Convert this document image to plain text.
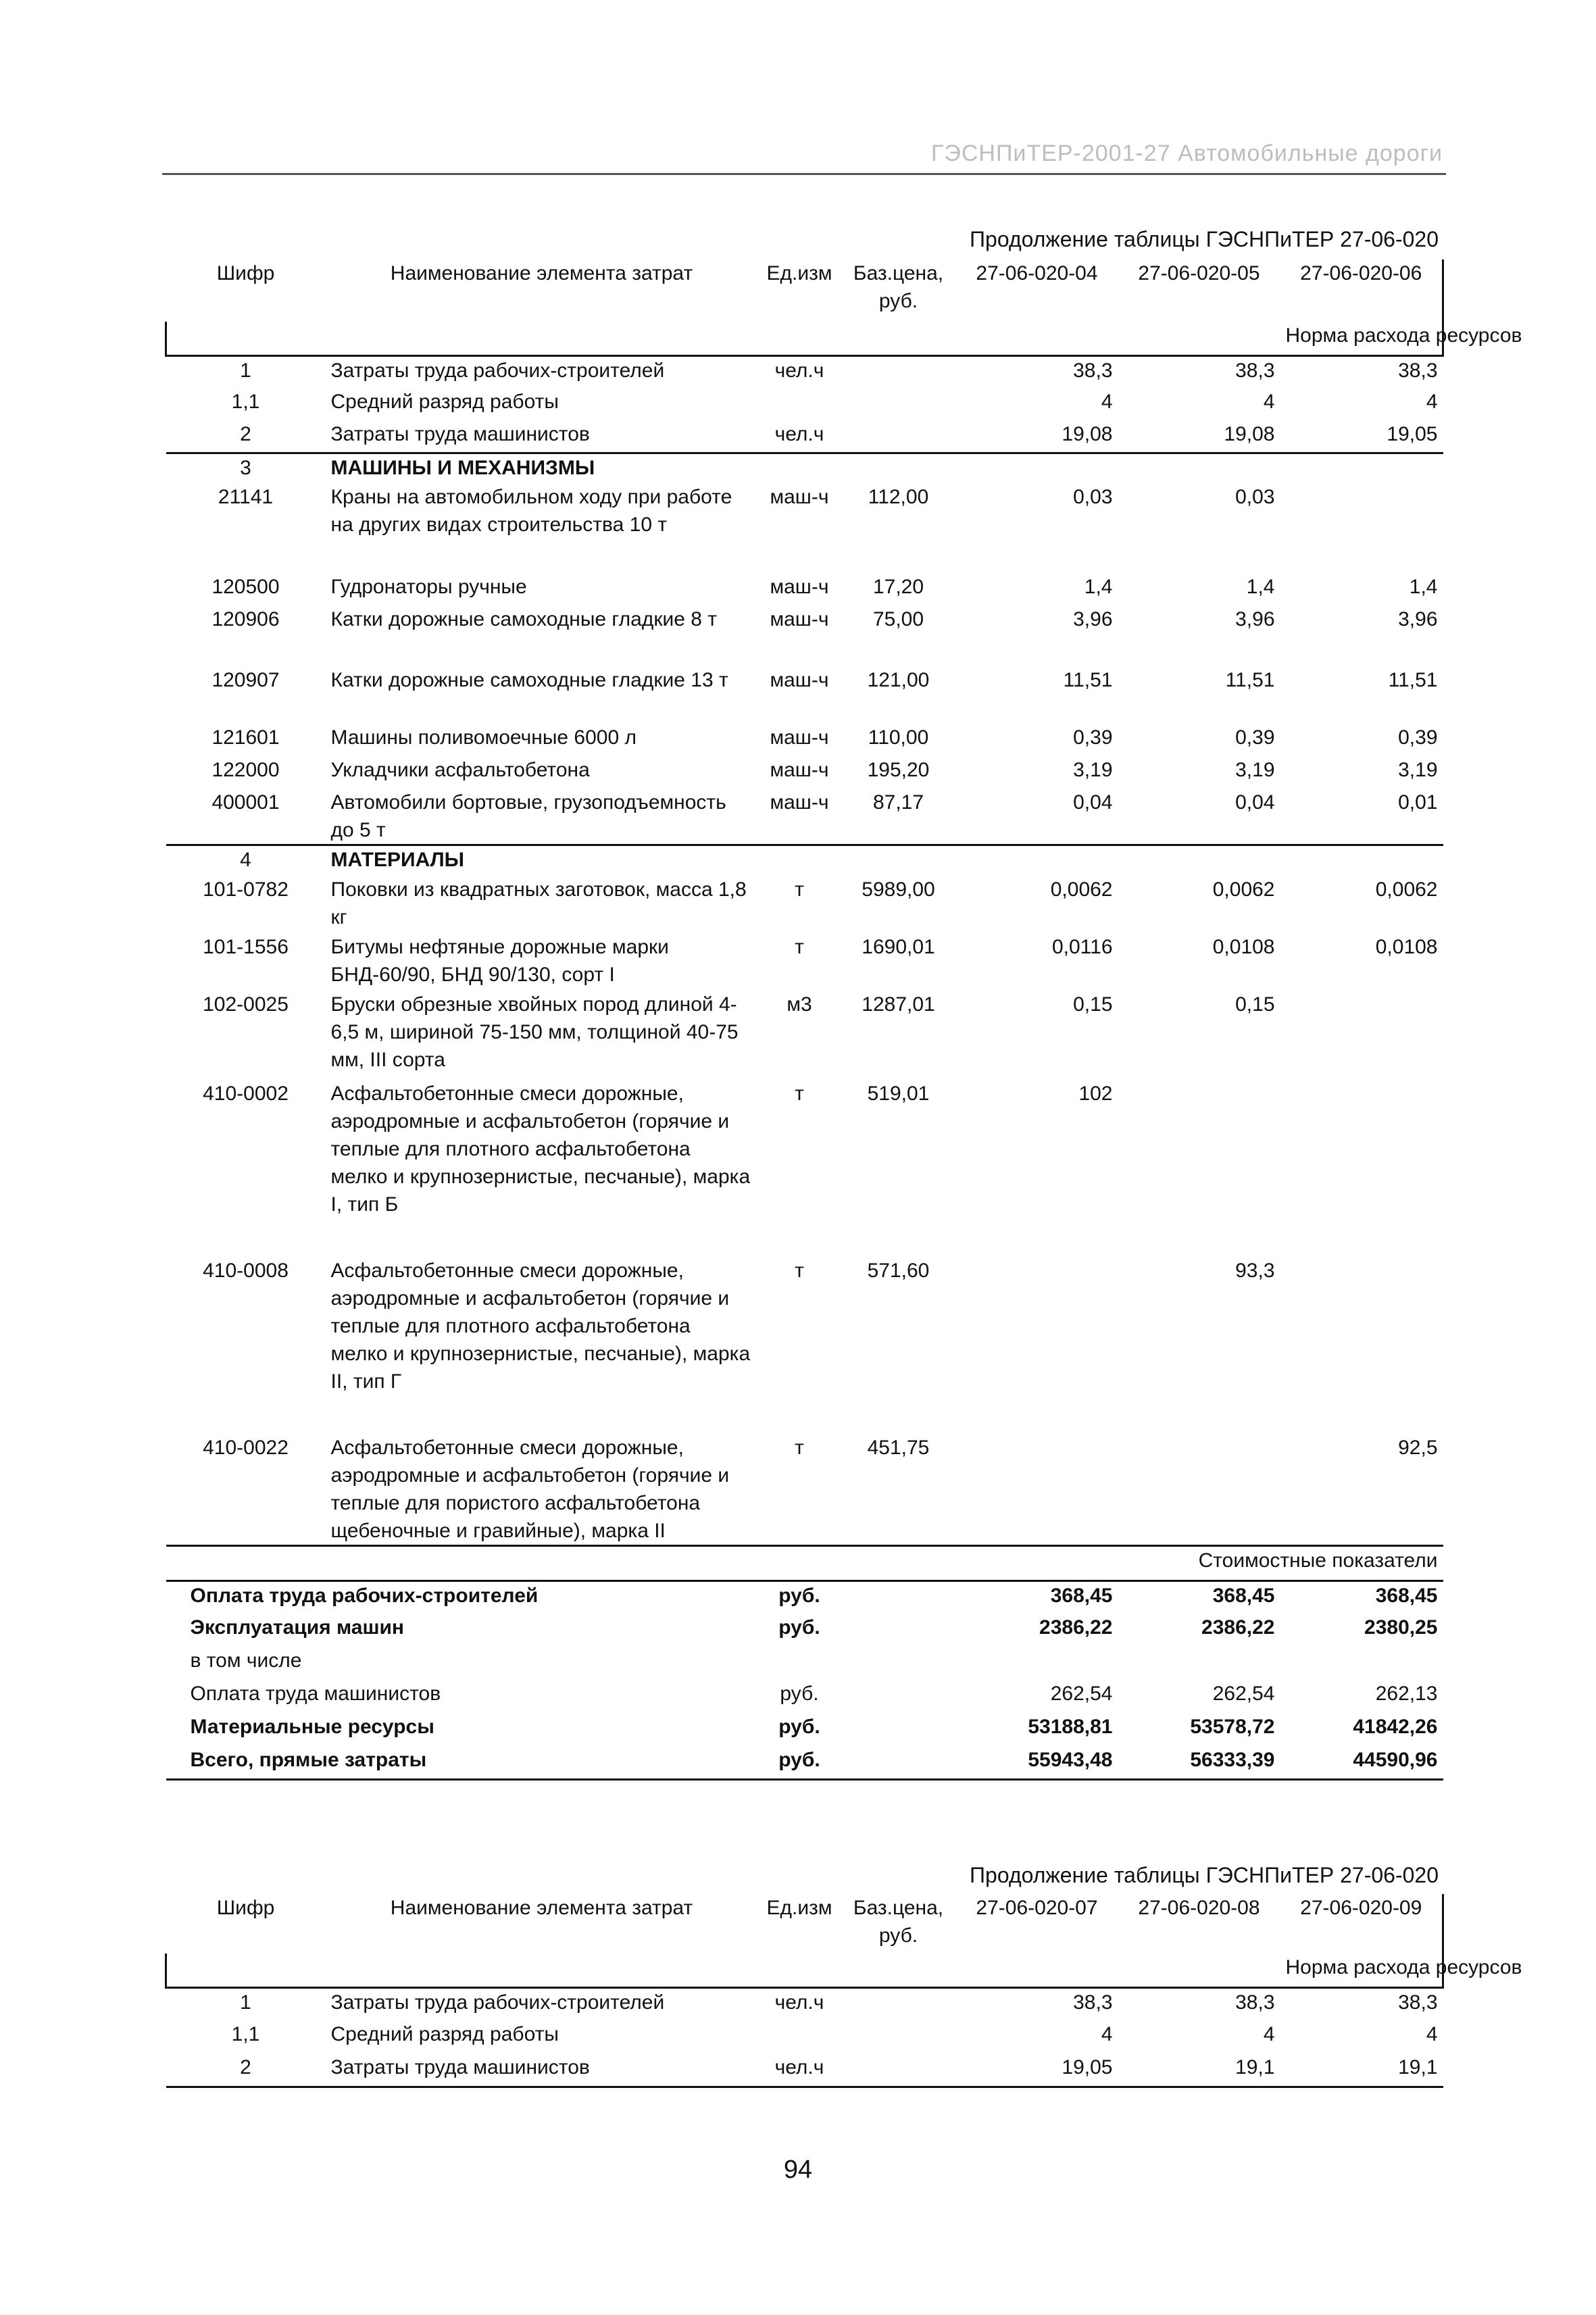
ГЭСНПиТЕР-2001-27 Автомобильные дороги
Продолжение таблицы ГЭСНПиТЕР 27-06-020
Шифр	Наименование элемента затрат	Ед.изм	Баз.цена, руб.	27-06-020-04	27-06-020-05	27-06-020-06
						Норма расхода ресурсов
1	Затраты труда рабочих-строителей	чел.ч		38,3	38,3	38,3
1,1	Средний разряд работы			4	4	4
2	Затраты труда машинистов	чел.ч		19,08	19,08	19,05
3	МАШИНЫ И МЕХАНИЗМЫ					
21141	Краны на автомобильном ходу при работе на других видах строительства 10 т	маш-ч	112,00	0,03	0,03	
120500	Гудронаторы ручные	маш-ч	17,20	1,4	1,4	1,4
120906	Катки дорожные самоходные гладкие 8 т	маш-ч	75,00	3,96	3,96	3,96
120907	Катки дорожные самоходные гладкие 13 т	маш-ч	121,00	11,51	11,51	11,51
121601	Машины поливомоечные 6000 л	маш-ч	110,00	0,39	0,39	0,39
122000	Укладчики асфальтобетона	маш-ч	195,20	3,19	3,19	3,19
400001	Автомобили бортовые, грузоподъемность до 5 т	маш-ч	87,17	0,04	0,04	0,01
4	МАТЕРИАЛЫ					
101-0782	Поковки из квадратных заготовок, масса 1,8 кг	т	5989,00	0,0062	0,0062	0,0062
101-1556	Битумы нефтяные дорожные марки БНД-60/90, БНД 90/130, сорт I	т	1690,01	0,0116	0,0108	0,0108
102-0025	Бруски обрезные хвойных пород длиной 4-6,5 м, шириной 75-150 мм, толщиной 40-75 мм, III сорта	м3	1287,01	0,15	0,15	
410-0002	Асфальтобетонные смеси дорожные, аэродромные и асфальтобетон (горячие и теплые для плотного асфальтобетона мелко и крупнозернистые, песчаные), марка I, тип Б	т	519,01	102		
410-0008	Асфальтобетонные смеси дорожные, аэродромные и асфальтобетон (горячие и теплые для плотного асфальтобетона мелко и крупнозернистые, песчаные), марка II, тип Г	т	571,60		93,3	
410-0022	Асфальтобетонные смеси дорожные, аэродромные и асфальтобетон (горячие и теплые для пористого асфальтобетона щебеночные и гравийные), марка II	т	451,75			92,5
Стоимостные показатели						
Оплата труда рабочих-строителей		руб.		368,45	368,45	368,45
Эксплуатация машин		руб.		2386,22	2386,22	2380,25
в том числе						
Оплата труда машинистов		руб.		262,54	262,54	262,13
Материальные ресурсы		руб.		53188,81	53578,72	41842,26
Всего, прямые затраты		руб.		55943,48	56333,39	44590,96
Продолжение таблицы ГЭСНПиТЕР 27-06-020
Шифр	Наименование элемента затрат	Ед.изм	Баз.цена, руб.	27-06-020-07	27-06-020-08	27-06-020-09
						Норма расхода ресурсов
1	Затраты труда рабочих-строителей	чел.ч		38,3	38,3	38,3
1,1	Средний разряд работы			4	4	4
2	Затраты труда машинистов	чел.ч		19,05	19,1	19,1
94
